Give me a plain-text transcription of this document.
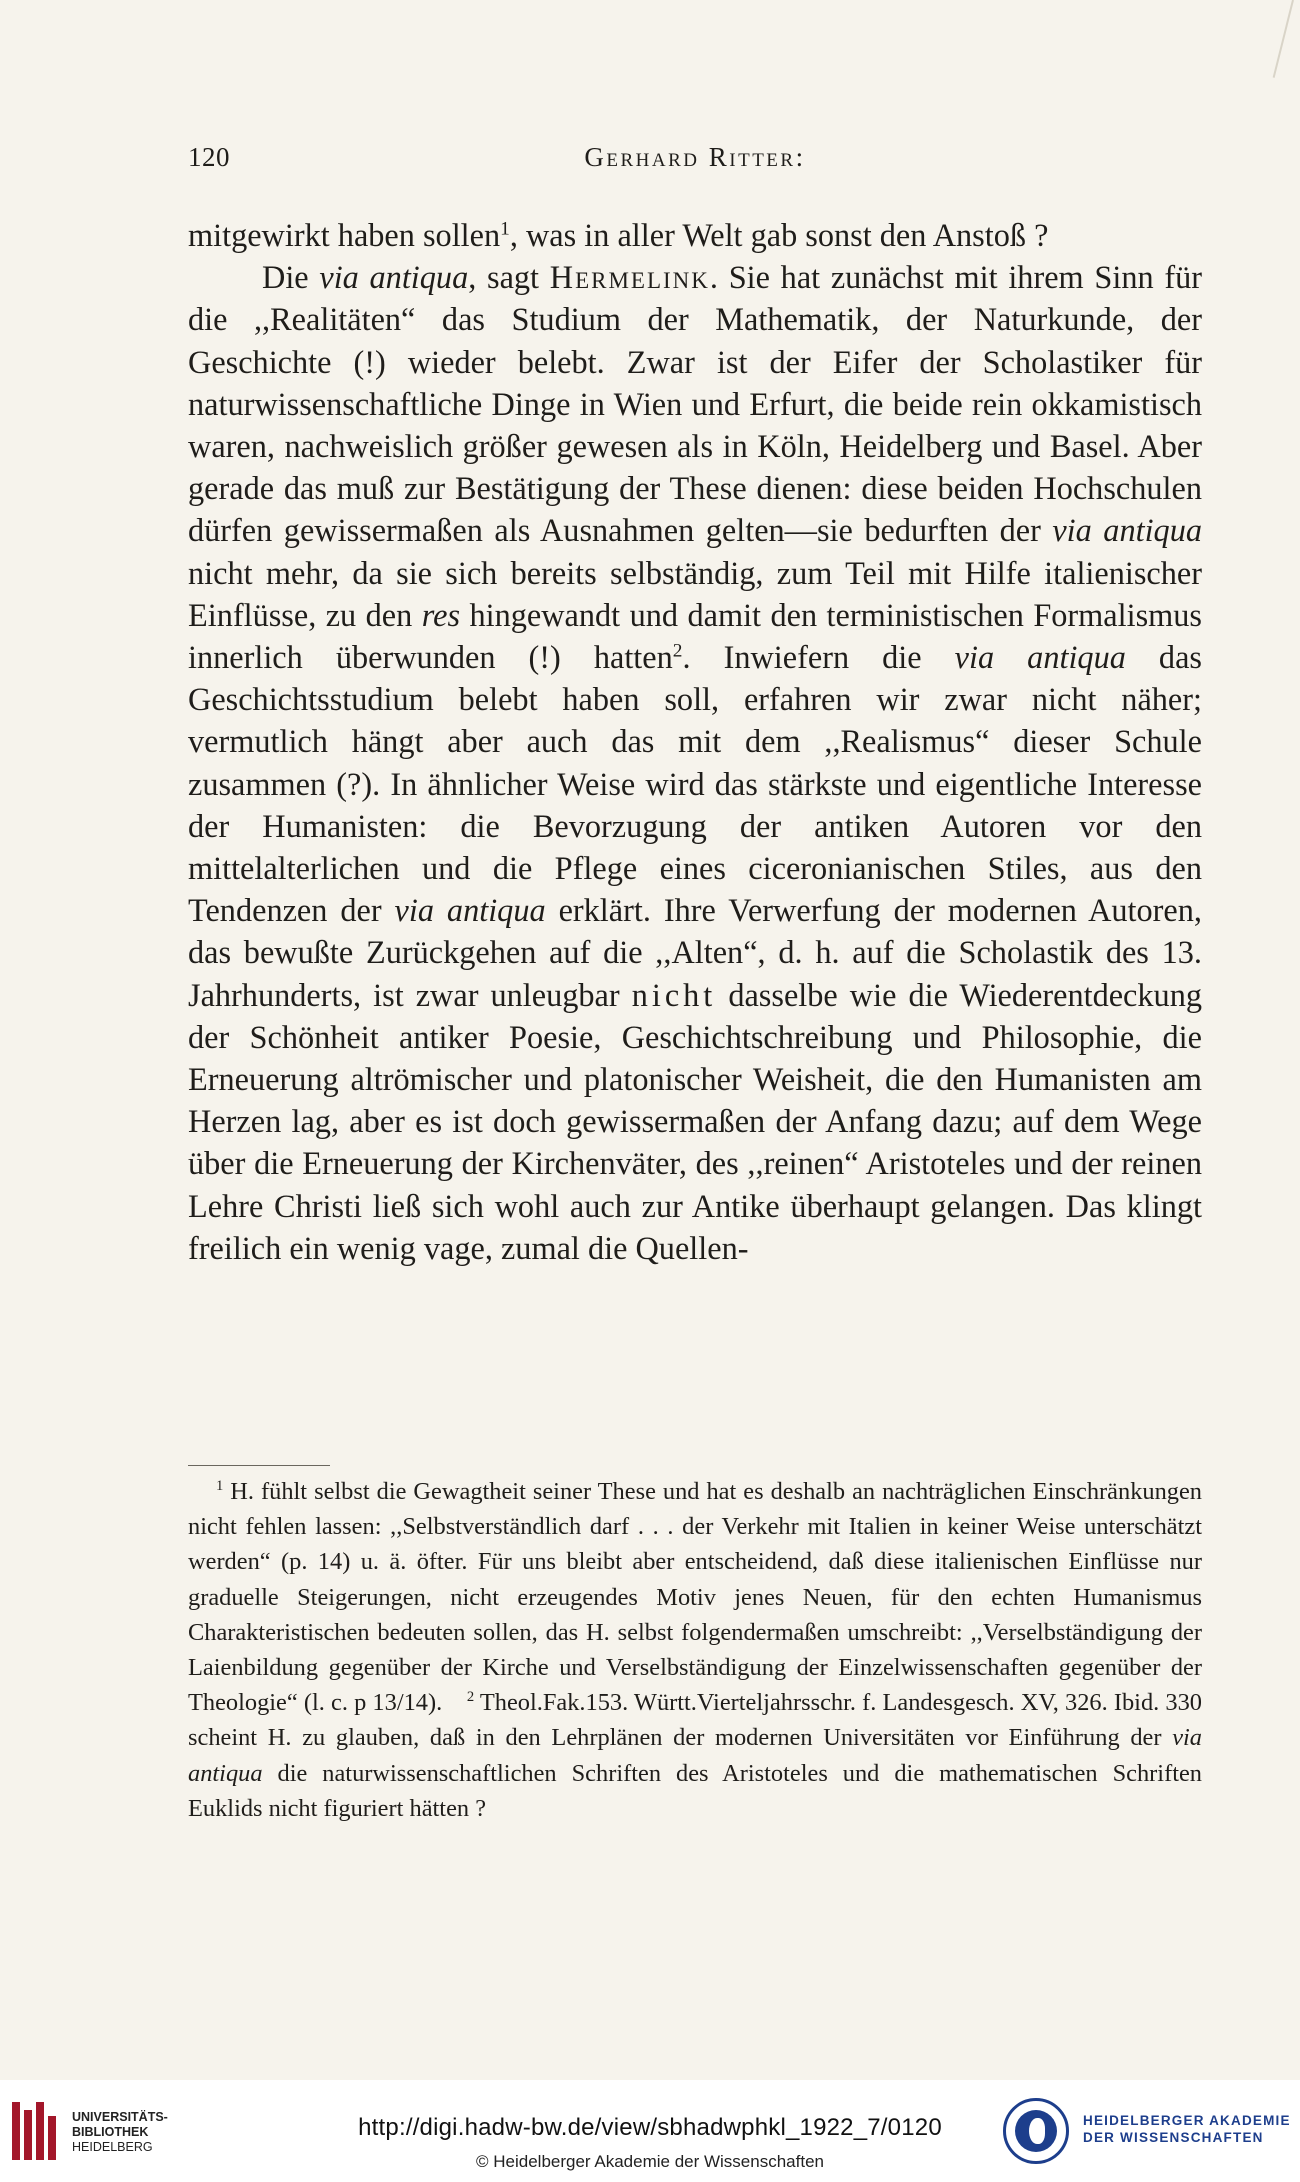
120	Gerhard Ritter:

mitgewirkt haben sollen$^1$, was in aller Welt gab sonst den Anstoß ?

Die via antiqua, sagt Hermelink. Sie hat zunächst mit ihrem Sinn für die ,,Realitäten“ das Studium der Mathematik, der Naturkunde, der Geschichte (!) wieder belebt. Zwar ist der Eifer der Scholastiker für naturwissenschaftliche Dinge in Wien und Erfurt, die beide rein okkamistisch waren, nachweislich größer gewesen als in Köln, Heidelberg und Basel. Aber gerade das muß zur Bestätigung der These dienen: diese beiden Hochschulen dürfen gewissermaßen als Ausnahmen gelten—sie bedurften der via antiqua nicht mehr, da sie sich bereits selbständig, zum Teil mit Hilfe italienischer Einflüsse, zu den res hingewandt und damit den terministischen Formalismus innerlich überwunden (!) hatten$^2$. Inwiefern die via antiqua das Geschichtsstudium belebt haben soll, erfahren wir zwar nicht näher; vermutlich hängt aber auch das mit dem ,,Realismus“ dieser Schule zusammen (?). In ähnlicher Weise wird das stärkste und eigentliche Interesse der Humanisten: die Bevorzugung der antiken Autoren vor den mittelalterlichen und die Pflege eines ciceronianischen Stiles, aus den Tendenzen der via antiqua erklärt. Ihre Verwerfung der modernen Autoren, das bewußte Zurückgehen auf die ,,Alten“, d. h. auf die Scholastik des 13. Jahrhunderts, ist zwar unleugbar nicht dasselbe wie die Wiederentdeckung der Schönheit antiker Poesie, Geschichtschreibung und Philosophie, die Erneuerung altrömischer und platonischer Weisheit, die den Humanisten am Herzen lag, aber es ist doch gewissermaßen der Anfang dazu; auf dem Wege über die Erneuerung der Kirchenväter, des ,,reinen“ Aristoteles und der reinen Lehre Christi ließ sich wohl auch zur Antike überhaupt gelangen. Das klingt freilich ein wenig vage, zumal die Quellen-

$^1$ H. fühlt selbst die Gewagtheit seiner These und hat es deshalb an nachträglichen Einschränkungen nicht fehlen lassen: ,,Selbstverständlich darf . . . der Verkehr mit Italien in keiner Weise unterschätzt werden“ (p. 14) u. ä. öfter. Für uns bleibt aber entscheidend, daß diese italienischen Einflüsse nur graduelle Steigerungen, nicht erzeugendes Motiv jenes Neuen, für den echten Humanismus Charakteristischen bedeuten sollen, das H. selbst folgendermaßen umschreibt: ,,Verselbständigung der Laienbildung gegenüber der Kirche und Verselbständigung der Einzelwissenschaften gegenüber der Theologie“ (l. c. p 13/14). $^2$ Theol.Fak.153. Württ.Vierteljahrsschr. f. Landesgesch. XV, 326. Ibid. 330 scheint H. zu glauben, daß in den Lehrplänen der modernen Universitäten vor Einführung der via antiqua die naturwissenschaftlichen Schriften des Aristoteles und die mathematischen Schriften Euklids nicht figuriert hätten ?

UNIVERSITÄTS-
BIBLIOTHEK
HEIDELBERG
http://digi.hadw-bw.de/view/sbhadwphkl_1922_7/0120
© Heidelberger Akademie der Wissenschaften
HEIDELBERGER AKADEMIE
DER WISSENSCHAFTEN
